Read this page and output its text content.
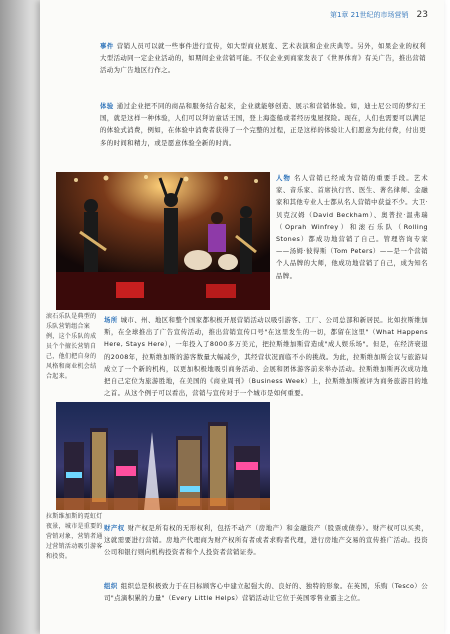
第1章 21世纪的市场营销 23
事件 营销人员可以就一些事件进行宣传，如大型商业展览、艺术表演和企业庆典等。另外，如果企业的权利大型活动同一定企业活动的，如期间企业营销可能。不仅企业到商家发表了《世界体育》有关广告，推出营销活动为广告地区行作之。
体验 通过企业把不同的商品和服务结合起来，企业就能够创造、展示和营销体验。如，迪士尼公司的梦幻王国，就是这样一种体验，人们可以拜访童话王国，登上海盗船或者经历鬼屋探险。现在，人们也需要可以满足的体验式消费，例如，在体验中消费者获得了一个完整的过程，正是这样的体验让人们愿意为此付费，付出更多的时间和精力，或是愿意体验全新的时尚。
人物 名人营销已经成为营销的重要手段。艺术家、音乐家、首席执行官、医生、著名律师、金融家和其他专业人士都从名人营销中获益不少。大卫·贝克汉姆（David Beckham）、奥普拉·温弗瑞（Oprah Winfrey）和滚石乐队（Rolling Stones）都成功地营销了自己。管理咨询专家——汤姆·彼得斯（Tom Peters）——是一个营销个人品牌的大师，他成功地营销了自己，成为知名品牌。
滚石乐队是典型的乐队营销组合案例，这个乐队的成员个个擅长营销自己，他们把自身的风格和商业机会结合起来。
场所 城市、州、地区和整个国家都积极开展营销活动以吸引游客、工厂、公司总部和新居民。比如拉斯维加斯，在全球推出了广告宣传活动，推出营销宣传口号"在这里发生的一切，都留在这里"（What Happens Here, Stays Here），一年投入了8000多万美元，把拉斯维加斯营造成"成人娱乐场"。但是，在经济衰退的2008年，拉斯维加斯的游客数量大幅减少，其经营状况面临不小的挑战。为此，拉斯维加斯会议与旅游局成立了一个新的机构，以更加积极地吸引商务活动、会展和团体游客前来举办活动。拉斯维加斯再次成功地把自己定位为旅游胜地，在美国的《商业周刊》（Business Week）上，拉斯维加斯被评为商务旅游目的地之首。从这个例子可以看出，营销与宣传对于一个城市是如何重要。
拉斯维加斯的霓虹灯夜景，城市是重要的营销对象，营销者通过营销活动吸引游客和投资。
财产权 财产权是所有权的无形权利，包括不动产（房地产）和金融资产（股票或债券）。财产权可以买卖，这就需要进行营销。房地产代理商为财产权所有者或者求购者代理，进行房地产交易的宣传推广活动。投资公司和银行则向机构投资者和个人投资者营销证券。
组织 组织总是积极致力于在目标顾客心中建立起强大的、良好的、独特的形象。在英国，乐购（Tesco）公司"点滴积累的力量"（Every Little Helps）营销活动让它位于英国零售业霸主之位。
